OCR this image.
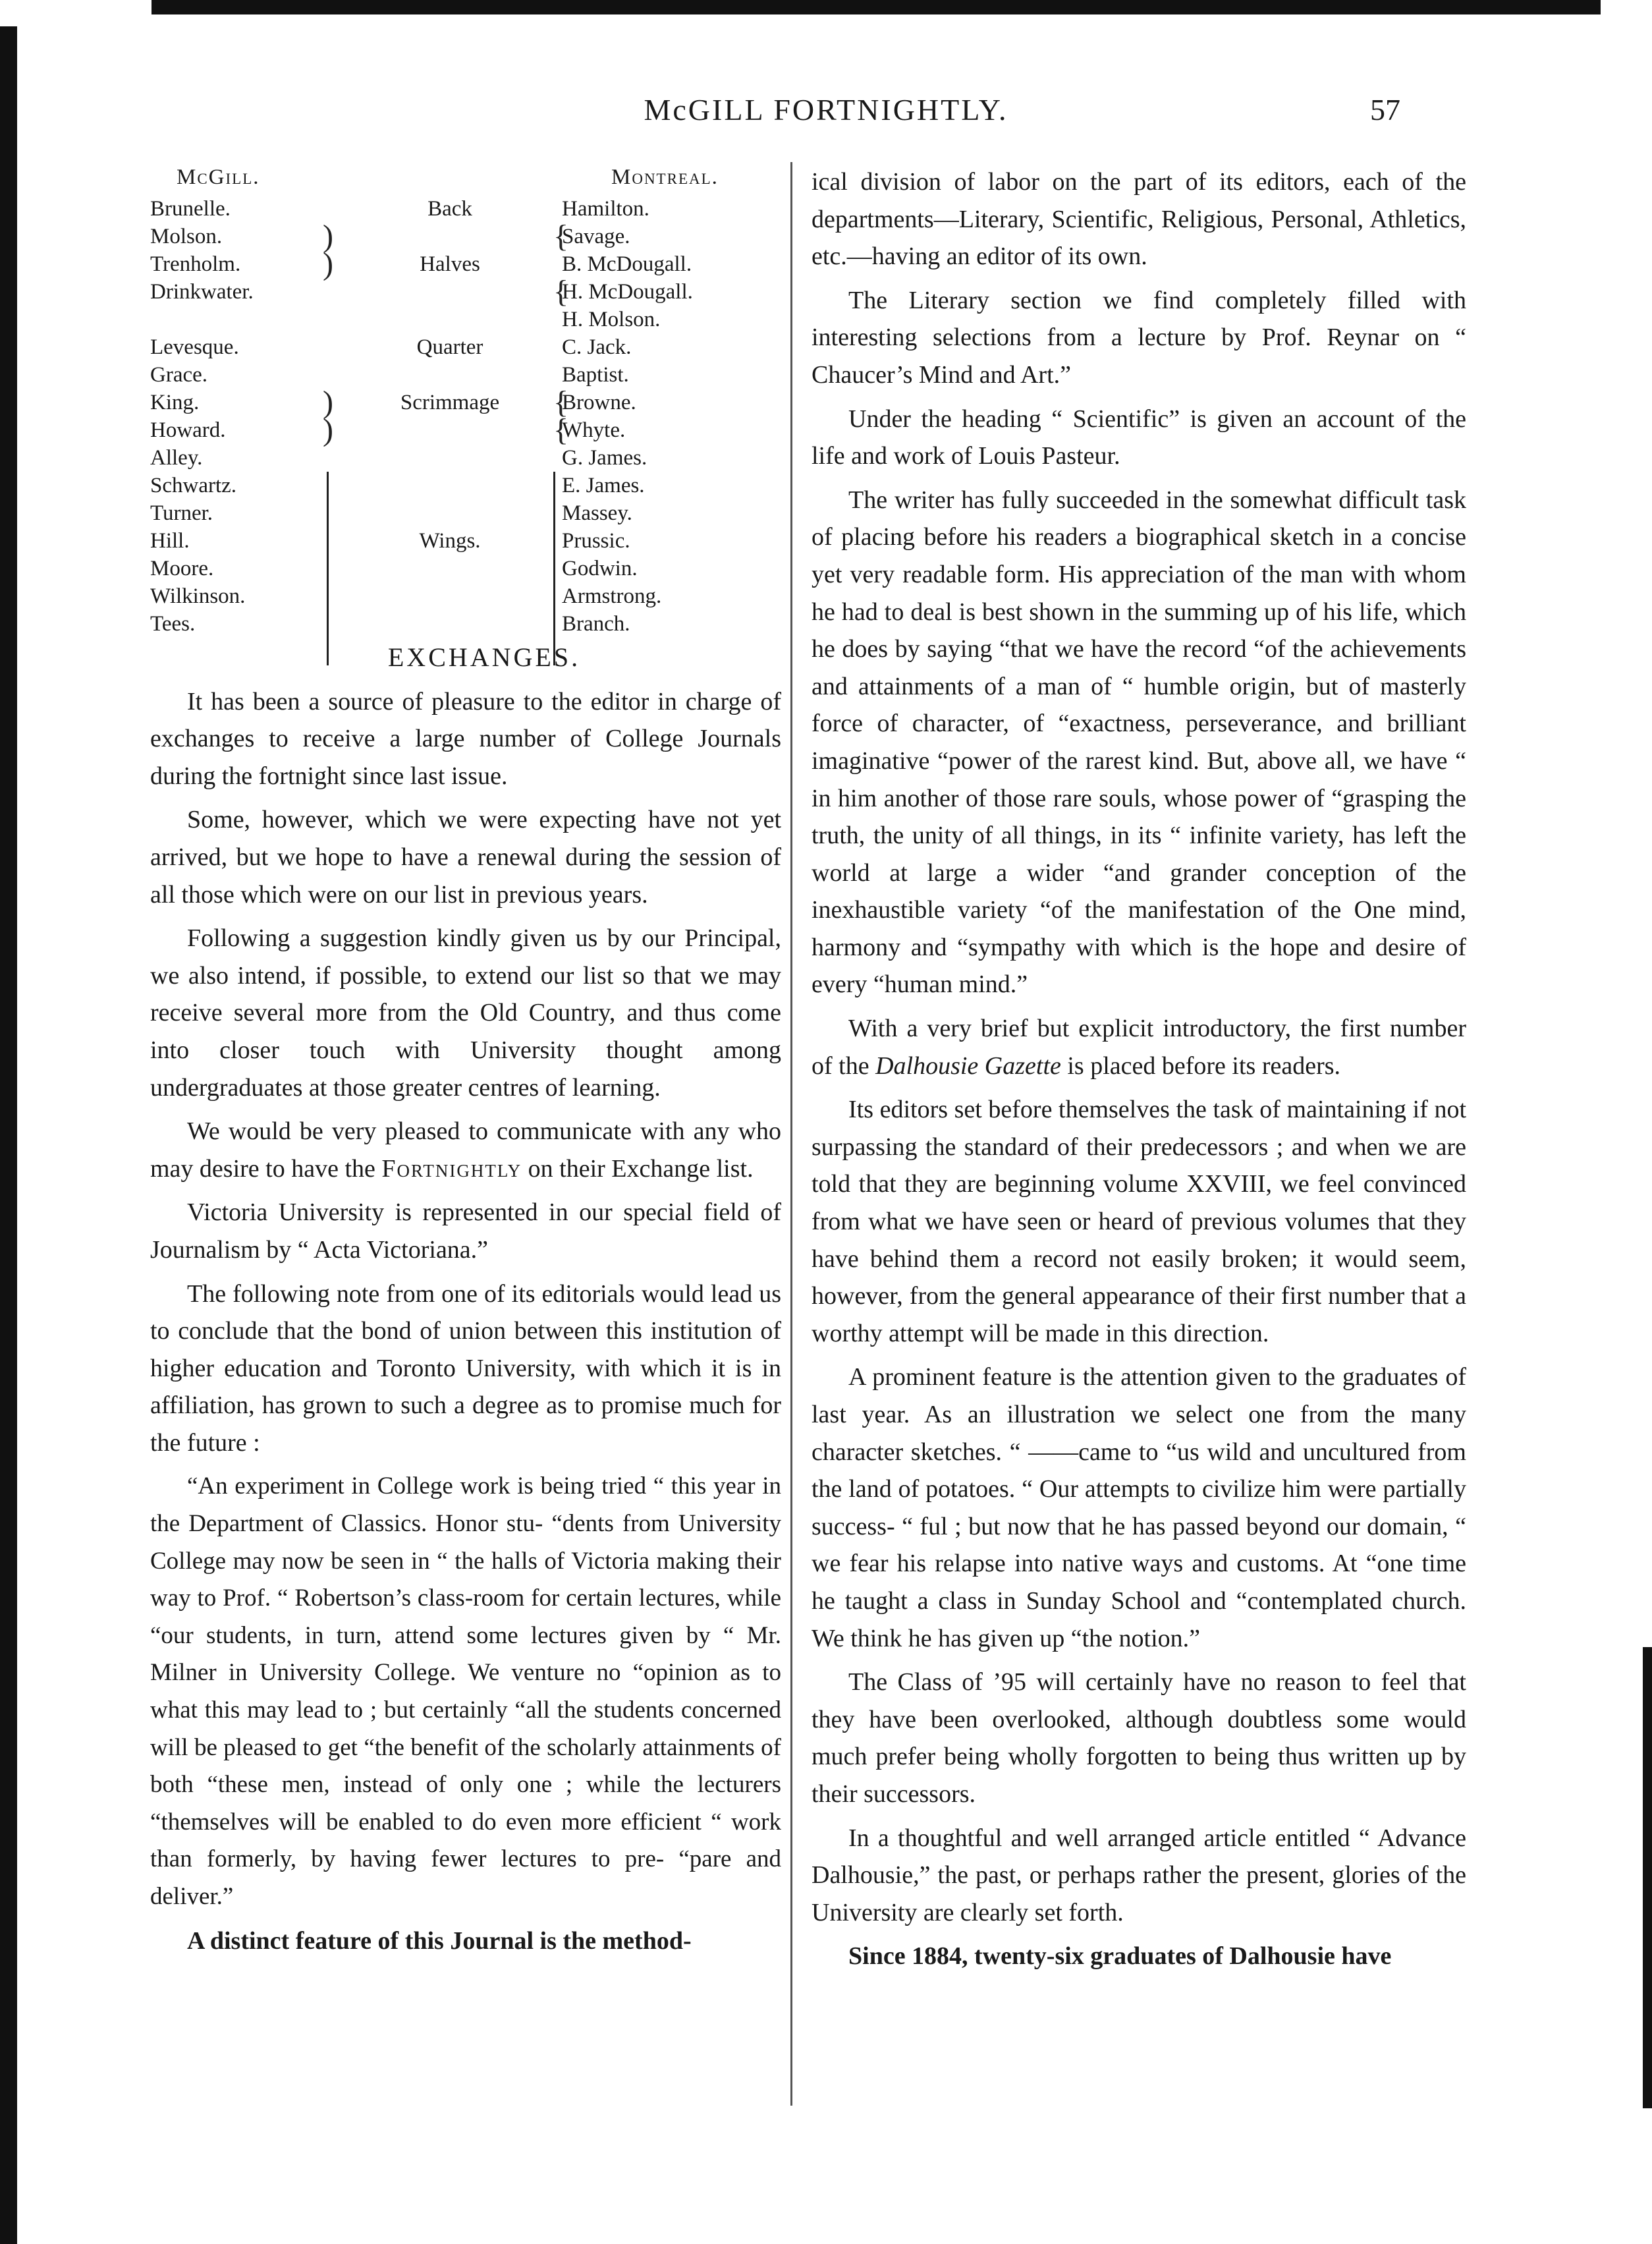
McGILL FORTNIGHTLY.	57
McGill.	Montreal.
Brunelle.
Molson.
Trenholm.
Drinkwater.
Levesque.
Grace.
King.
Howard.
Alley.
Schwartz.
Turner.
Hill.
Moore.
Wilkinson.
Tees.
Back
Halves
Quarter
Scrimmage
Wings.
Hamilton.
Savage.
B. McDougall.
H. McDougall.
H. Molson.
C. Jack.
Baptist.
Browne.
Whyte.
G. James.
E. James.
Massey.
Prussic.
Godwin.
Armstrong.
Branch.
)
)
)
)
{
{
{
{

EXCHANGES.

It has been a source of pleasure to the editor in charge of exchanges to receive a large number of College Journals during the fortnight since last issue.

Some, however, which we were expecting have not yet arrived, but we hope to have a renewal during the session of all those which were on our list in previous years.

Following a suggestion kindly given us by our Principal, we also intend, if possible, to extend our list so that we may receive several more from the Old Country, and thus come into closer touch with University thought among undergraduates at those greater centres of learning.

We would be very pleased to communicate with any who may desire to have the Fortnightly on their Exchange list.

Victoria University is represented in our special field of Journalism by “ Acta Victoriana.”

The following note from one of its editorials would lead us to conclude that the bond of union between this institution of higher education and Toronto University, with which it is in affiliation, has grown to such a degree as to promise much for the future :

“An experiment in College work is being tried “ this year in the Department of Classics. Honor stu- “dents from University College may now be seen in “ the halls of Victoria making their way to Prof. “ Robertson’s class-room for certain lectures, while “our students, in turn, attend some lectures given by “ Mr. Milner in University College. We venture no “opinion as to what this may lead to ; but certainly “all the students concerned will be pleased to get “the benefit of the scholarly attainments of both “these men, instead of only one ; while the lecturers “themselves will be enabled to do even more efficient “ work than formerly, by having fewer lectures to pre- “pare and deliver.”

A distinct feature of this Journal is the method-

ical division of labor on the part of its editors, each of the departments—Literary, Scientific, Religious, Personal, Athletics, etc.—having an editor of its own.

The Literary section we find completely filled with interesting selections from a lecture by Prof. Reynar on “ Chaucer’s Mind and Art.”

Under the heading “ Scientific” is given an account of the life and work of Louis Pasteur.

The writer has fully succeeded in the somewhat difficult task of placing before his readers a biographical sketch in a concise yet very readable form. His appreciation of the man with whom he had to deal is best shown in the summing up of his life, which he does by saying “that we have the record “of the achievements and attainments of a man of “ humble origin, but of masterly force of character, of “exactness, perseverance, and brilliant imaginative “power of the rarest kind. But, above all, we have “ in him another of those rare souls, whose power of “grasping the truth, the unity of all things, in its “ infinite variety, has left the world at large a wider “and grander conception of the inexhaustible variety “of the manifestation of the One mind, harmony and “sympathy with which is the hope and desire of every “human mind.”

With a very brief but explicit introductory, the first number of the Dalhousie Gazette is placed before its readers.

Its editors set before themselves the task of maintaining if not surpassing the standard of their predecessors ; and when we are told that they are beginning volume XXVIII, we feel convinced from what we have seen or heard of previous volumes that they have behind them a record not easily broken; it would seem, however, from the general appearance of their first number that a worthy attempt will be made in this direction.

A prominent feature is the attention given to the graduates of last year. As an illustration we select one from the many character sketches. “ ——came to “us wild and uncultured from the land of potatoes. “ Our attempts to civilize him were partially success- “ ful ; but now that he has passed beyond our domain, “ we fear his relapse into native ways and customs. At “one time he taught a class in Sunday School and “contemplated church. We think he has given up “the notion.”

The Class of ’95 will certainly have no reason to feel that they have been overlooked, although doubtless some would much prefer being wholly forgotten to being thus written up by their successors.

In a thoughtful and well arranged article entitled “ Advance Dalhousie,” the past, or perhaps rather the present, glories of the University are clearly set forth.

Since 1884, twenty-six graduates of Dalhousie have
